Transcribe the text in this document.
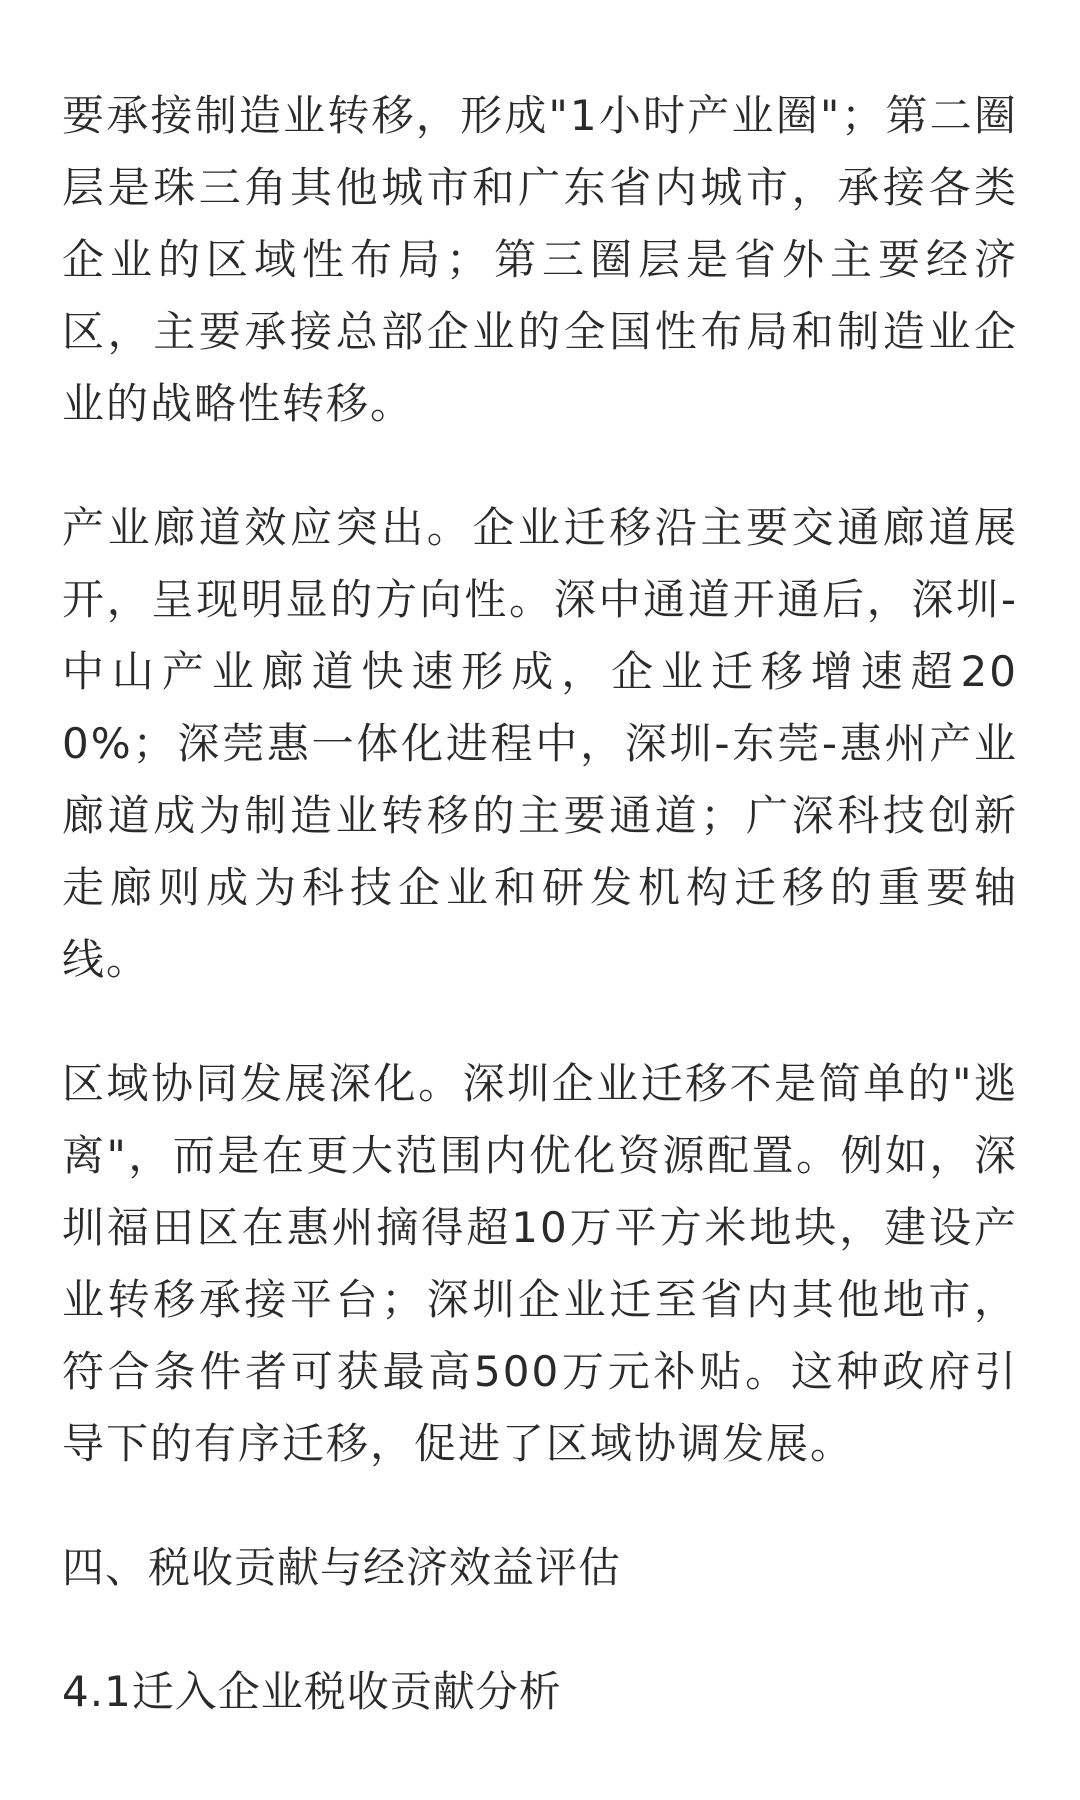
要承接制造业转移，形成"1小时产业圈"；第二圈层是珠三角其他城市和广东省内城市，承接各类企业的区域性布局；第三圈层是省外主要经济区，主要承接总部企业的全国性布局和制造业企业的战略性转移。

产业廊道效应突出。企业迁移沿主要交通廊道展开，呈现明显的方向性。深中通道开通后，深圳-中山产业廊道快速形成，企业迁移增速超200%；深莞惠一体化进程中，深圳-东莞-惠州产业廊道成为制造业转移的主要通道；广深科技创新走廊则成为科技企业和研发机构迁移的重要轴线。

区域协同发展深化。深圳企业迁移不是简单的"逃离"，而是在更大范围内优化资源配置。例如，深圳福田区在惠州摘得超10万平方米地块，建设产业转移承接平台；深圳企业迁至省内其他地市，符合条件者可获最高500万元补贴。这种政府引导下的有序迁移，促进了区域协调发展。

四、税收贡献与经济效益评估
4.1迁入企业税收贡献分析
